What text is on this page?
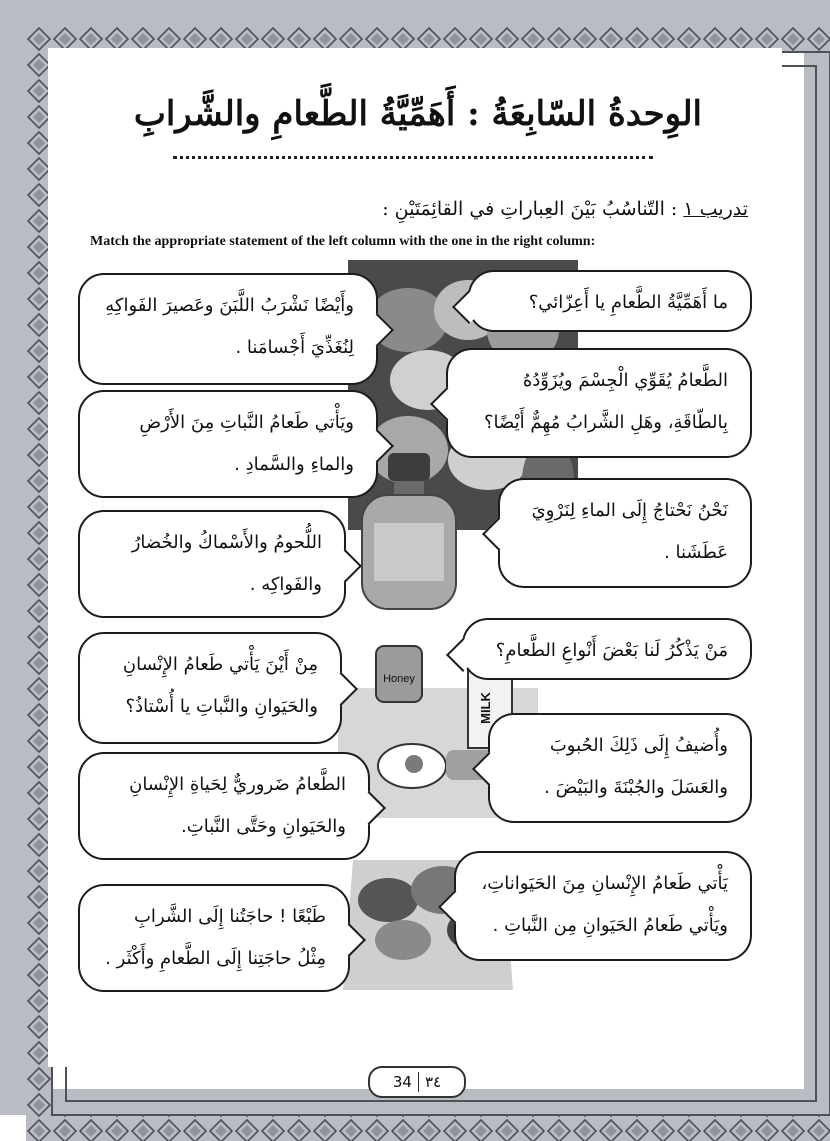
الوِحدةُ السّابِعَةُ : أَهَمِّيَّةُ الطَّعامِ والشَّرابِ
تدريب ١ : التّناسُبُ بَيْنَ العِباراتِ في القائِمَتَيْنِ :
Match the appropriate statement of the left column with the one in the right column:
Honey
MILK
وأَيْضًا نَشْرَبُ اللَّبَنَ وعَصيرَ الفَواكِهِ لِنُغَذِّيَ أَجْسامَنا .
ويَأْتي طَعامُ النَّباتِ مِنَ الأَرْضِ والماءِ والسَّمادِ .
اللُّحومُ والأَسْماكُ والخُضارُ والفَواكِه .
مِنْ أَيْنَ يَأْتي طَعامُ الإِنْسانِ والحَيَوانِ والنَّباتِ يا أُسْتاذُ؟
الطَّعامُ ضَروريٌّ لِحَياةِ الإِنْسانِ والحَيَوانِ وحَتَّى النَّباتِ.
طَبْعًا ! حاجَتُنا إِلَى الشَّرابِ مِثْلُ حاجَتِنا إِلَى الطَّعامِ وأَكْثَر .
ما أَهَمِّيَّةُ الطَّعامِ يا أَعِزّائي؟
الطَّعامُ يُقَوِّي الْجِسْمَ ويُزَوِّدُهُ بِالطّاقَةِ، وهَلِ الشَّرابُ مُهِمٌّ أَيْضًا؟
نَحْنُ نَحْتاجُ إِلَى الماءِ لِنَرْوِيَ عَطَشَنا .
مَنْ يَذْكُرُ لَنا بَعْضَ أَنْواعِ الطَّعامِ؟
وأُضيفُ إِلَى ذَلِكَ الحُبوبَ والعَسَلَ والجُبْنَةَ والبَيْضَ .
يَأْتي طَعامُ الإِنْسانِ مِنَ الحَيَواناتِ، ويَأْتي طَعامُ الحَيَوانِ مِن النَّباتِ .
34 ٣٤
